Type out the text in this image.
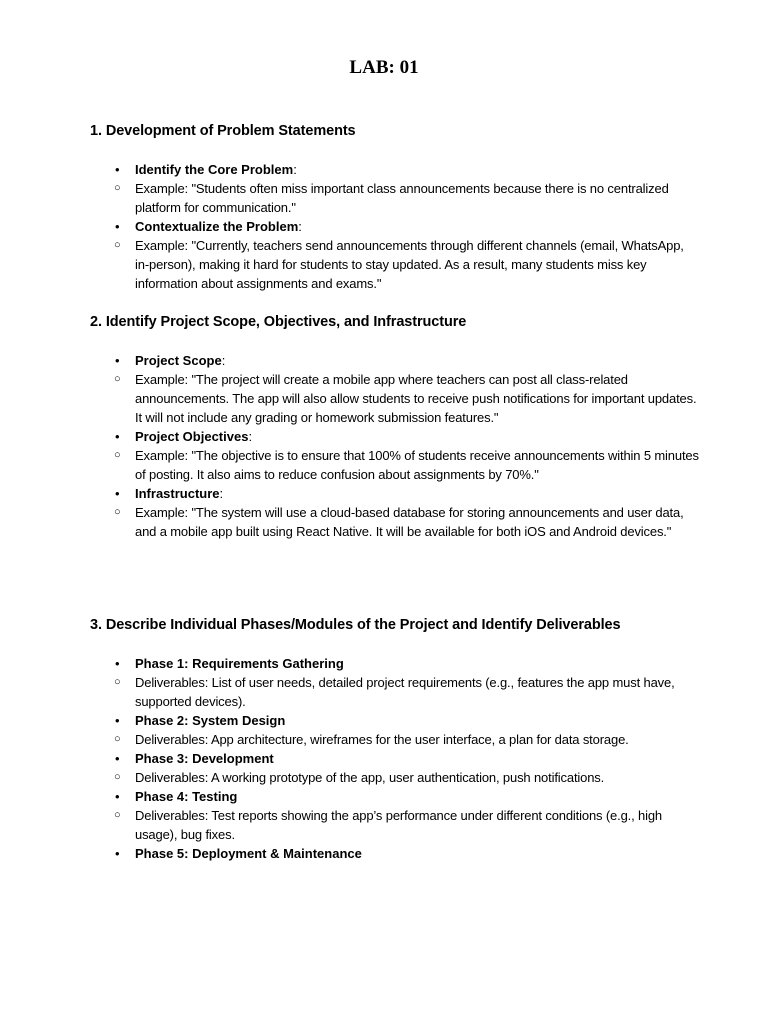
LAB: 01
1. Development of Problem Statements
• Identify the Core Problem:
○ Example: "Students often miss important class announcements because there is no centralized platform for communication."
• Contextualize the Problem:
○ Example: "Currently, teachers send announcements through different channels (email, WhatsApp, in-person), making it hard for students to stay updated. As a result, many students miss key information about assignments and exams."
2. Identify Project Scope, Objectives, and Infrastructure
• Project Scope:
○ Example: "The project will create a mobile app where teachers can post all class-related announcements. The app will also allow students to receive push notifications for important updates. It will not include any grading or homework submission features."
• Project Objectives:
○ Example: "The objective is to ensure that 100% of students receive announcements within 5 minutes of posting. It also aims to reduce confusion about assignments by 70%."
• Infrastructure:
○ Example: "The system will use a cloud-based database for storing announcements and user data, and a mobile app built using React Native. It will be available for both iOS and Android devices."
3. Describe Individual Phases/Modules of the Project and Identify Deliverables
• Phase 1: Requirements Gathering
○ Deliverables: List of user needs, detailed project requirements (e.g., features the app must have, supported devices).
• Phase 2: System Design
○ Deliverables: App architecture, wireframes for the user interface, a plan for data storage.
• Phase 3: Development
○ Deliverables: A working prototype of the app, user authentication, push notifications.
• Phase 4: Testing
○ Deliverables: Test reports showing the app’s performance under different conditions (e.g., high usage), bug fixes.
• Phase 5: Deployment & Maintenance
